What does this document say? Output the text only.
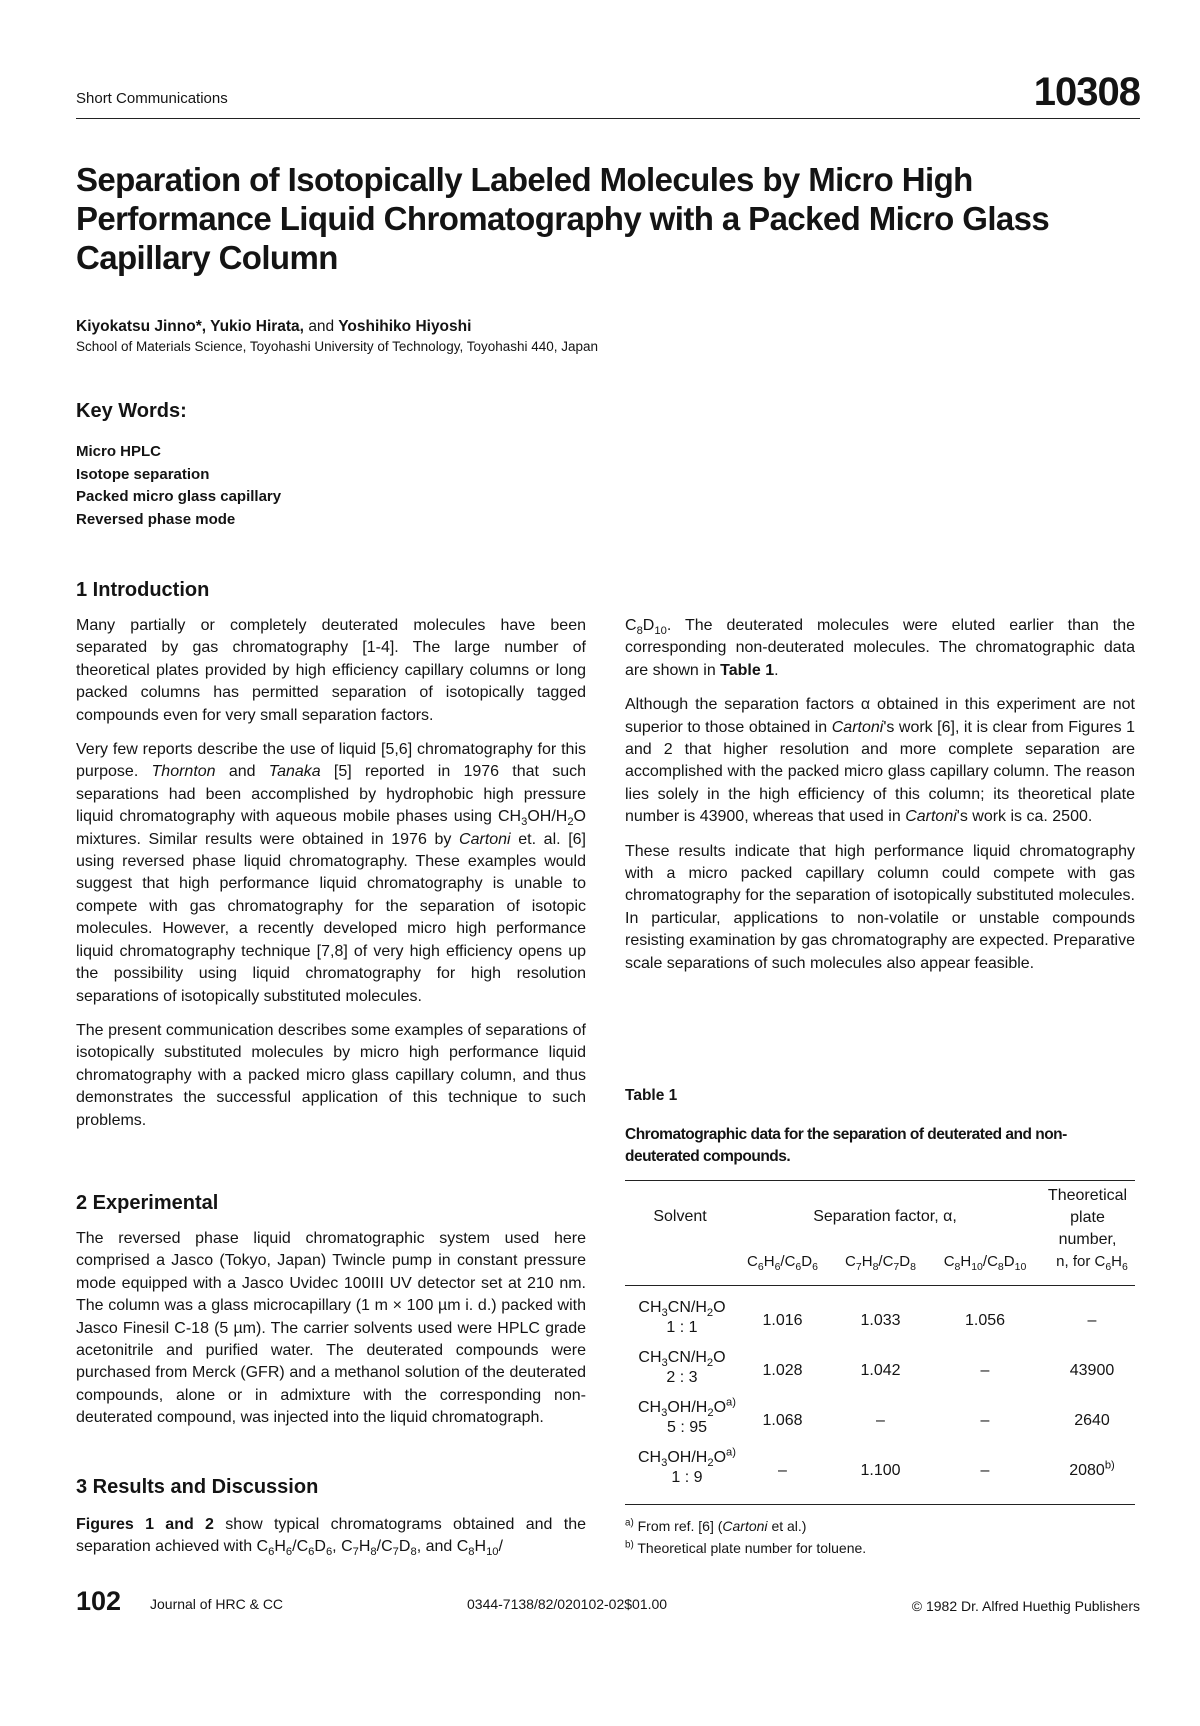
Short Communications	10308
Separation of Isotopically Labeled Molecules by Micro High Performance Liquid Chromatography with a Packed Micro Glass Capillary Column
Kiyokatsu Jinno*, Yukio Hirata, and Yoshihiko Hiyoshi
School of Materials Science, Toyohashi University of Technology, Toyohashi 440, Japan
Key Words:
Micro HPLC
Isotope separation
Packed micro glass capillary
Reversed phase mode
1 Introduction

Many partially or completely deuterated molecules have been separated by gas chromatography [1-4]. The large number of theoretical plates provided by high efficiency capillary columns or long packed columns has permitted separation of isotopically tagged compounds even for very small separation factors.

Very few reports describe the use of liquid [5,6] chromatography for this purpose. Thornton and Tanaka [5] reported in 1976 that such separations had been accomplished by hydrophobic high pressure liquid chromatography with aqueous mobile phases using $CH_3OH/H_2O$ mixtures. Similar results were obtained in 1976 by Cartoni et. al. [6] using reversed phase liquid chromatography. These examples would suggest that high performance liquid chromatography is unable to compete with gas chromatography for the separation of isotopic molecules. However, a recently developed micro high performance liquid chromatography technique [7,8] of very high efficiency opens up the possibility using liquid chromatography for high resolution separations of isotopically substituted molecules.

The present communication describes some examples of separations of isotopically substituted molecules by micro high performance liquid chromatography with a packed micro glass capillary column, and thus demonstrates the successful application of this technique to such problems.

2 Experimental

The reversed phase liquid chromatographic system used here comprised a Jasco (Tokyo, Japan) Twincle pump in constant pressure mode equipped with a Jasco Uvidec 100III UV detector set at 210 nm. The column was a glass microcapillary (1 m × 100 µm i. d.) packed with Jasco Finesil C-18 (5 µm). The carrier solvents used were HPLC grade acetonitrile and purified water. The deuterated compounds were purchased from Merck (GFR) and a methanol solution of the deuterated compounds, alone or in admixture with the corresponding non-deuterated compound, was injected into the liquid chromatograph.

3 Results and Discussion

Figures 1 and 2 show typical chromatograms obtained and the separation achieved with $C_6H_6/C_6D_6$, $C_7H_8/C_7D_8$, and $C_8H_{10}/$

$C_8D_{10}$. The deuterated molecules were eluted earlier than the corresponding non-deuterated molecules. The chromatographic data are shown in Table 1.

Although the separation factors α obtained in this experiment are not superior to those obtained in Cartoni's work [6], it is clear from Figures 1 and 2 that higher resolution and more complete separation are accomplished with the packed micro glass capillary column. The reason lies solely in the high efficiency of this column; its theoretical plate number is 43900, whereas that used in Cartoni's work is ca. 2500.

These results indicate that high performance liquid chromatography with a micro packed capillary column could compete with gas chromatography for the separation of isotopically substituted molecules. In particular, applications to non-volatile or unstable compounds resisting examination by gas chromatography are expected. Preparative scale separations of such molecules also appear feasible.

Table 1
Chromatographic data for the separation of deuterated and non-deuterated compounds.
Solvent	Separation factor, α,
Theoretical
plate
number,
$C_6H_6/C_6D_6$	$C_7H_8/C_7D_8$	$C_8H_{10}/C_8D_{10}$	n, for $C_6H_6$
$CH_3CN/H_2O$
1 : 1	1.016	1.033	1.056	–
$CH_3CN/H_2O$
2 : 3	1.028	1.042	–	43900
$CH_3OH/H_2O^{a)}$
5 : 95	1.068	–	–	2640
$CH_3OH/H_2O^{a)}$
1 : 9	–	1.100	–	2080$^{b)}$
$^{a)}$ From ref. [6] (Cartoni et al.)
$^{b)}$ Theoretical plate number for toluene.
102 Journal of HRC & CC	0344-7138/82/020102-02$01.00	© 1982 Dr. Alfred Huethig Publishers
